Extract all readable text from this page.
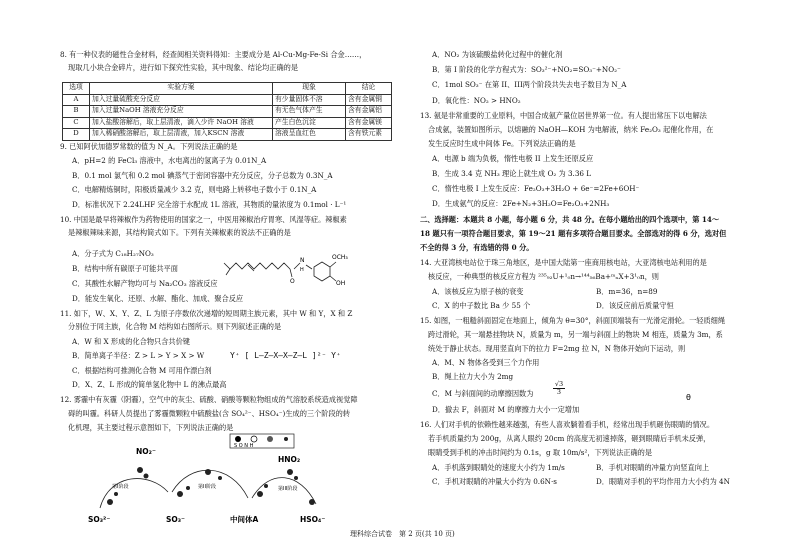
8. 有一种仪表的磁性合金材料，经查阅相关资料得知：主要成分是 Al-Cu-Mg-Fe-Si 合金……，
现取几小块合金碎片，进行如下探究性实验，其中现象、结论均正确的是
选项	实验方案	现象	结论
A	加入过量硫酸充分反应	有少量固体不溶	含有金属铜
B	加入过量NaOH 溶液充分反应	有无色气体产生	含有金属铝
C	加入盐酸溶解后，取上层清液，滴入少许 NaOH 溶液	产生白色沉淀	含有金属镁
D	加入稀硝酸溶解后，取上层清液，加入KSCN 溶液	溶液呈血红色	含有铁元素
9. 已知阿伏加德罗常数的值为 N_A。下列说法正确的是
A．pH=2 的 FeCl₃ 溶液中，水电离出的氢离子为 0.01N_A
B．0.1 mol 氯气和 0.2 mol 碘蒸气于密闭容器中充分反应，分子总数为 0.3N_A
C．电解精炼铜时，阳极质量减少 3.2 克，则电路上转移电子数小于 0.1N_A
D．标准状况下 2.24LHF 完全溶于水配成 1L 溶液，其物质的量浓度为 0.1mol · L⁻¹
10. 中国是最早将辣椒作为药物使用的国家之一，中医用辣椒治疗胃寒、风湿等症。辣椒素
是辣椒辣味来源，其结构简式如下。下列有关辣椒素的说法不正确的是
A．分子式为 C₁₈H₂₇NO₃
B．结构中所有碳原子可能共平面
C．其酸性水解产物均可与 Na₂CO₃ 溶液反应
D．能发生氧化、还原、水解、酯化、加成、聚合反应
O
N
H
OCH₃
OH
11. 如下，W、X、Y、Z、L 为原子序数依次递增的短周期主族元素，其中 W 和 Y，X 和 Z
分别位于同主族，化合物 M 结构如右图所示。则下列叙述正确的是
A．W 和 X 形成的化合物只含共价键
B．简单离子半径：Z > L > Y > X > W
C．根据结构可推测化合物 M 可用作漂白剂
D．X、Z、L 形成的简单氢化物中 L 的沸点最高
Y⁺ [ L—Z—X—X—Z—L ]²⁻ Y⁺
12. 雾霾中有灰霾（阴霾），空气中的灰尘、硫酸、硝酸等颗粒物组成的气溶胶系统造成视觉障
碍的叫霾。科研人员提出了雾霾微颗粒中硫酸盐(含 SO₄²⁻、HSO₄⁻)生成的三个阶段的转
化机理，其主要过程示意图如下，下列说法正确的是
S O N H
NO₂⁻
HNO₂
SO₃²⁻	SO₃⁻	中间体A	HSO₄⁻
第I阶段	第II阶段	第III阶段
A．NO₂ 为该硫酸盐转化过程中的催化剂
B．第 I 阶段的化学方程式为：SO₃²⁻+NO₂=SO₃⁻+NO₂⁻
C．1mol SO₃⁻ 在第 II、III两个阶段共失去电子数目为 N_A
D．氧化性：NO₂ > HNO₂
13. 氨是非常重要的工业原料，中国合成氨产量位居世界第一位。有人提出常压下以电解法
合成氨，装置如图所示，以熔融的 NaOH—KOH 为电解液，纳米 Fe₂O₃ 起催化作用，在
发生反应时生成中间体 Fe。下列说法正确的是
A．电源 b 端为负极，惰性电极 II 上发生还原反应
B．生成 3.4 克 NH₃ 理论上就生成 O₂ 为 3.36 L
C．惰性电极 I 上发生反应：Fe₂O₃+3H₂O + 6e⁻=2Fe+6OH⁻
D．生成氨气的反应：2Fe+N₂+3H₂O=Fe₂O₃+2NH₃
二、选择题：本题共 8 小题，每小题 6 分，共 48 分。在每小题给出的四个选项中，第 14～
18 题只有一项符合题目要求，第 19～21 题有多项符合题目要求。全部选对的得 6 分，选对但
不全的得 3 分，有选错的得 0 分。
14. 大亚湾核电站位于珠三角地区，是中国大陆第一座商用核电站，大亚湾核电站利用的是
核反应，一种典型的核反应方程为 ²³⁵₉₂U+¹₀n→¹⁴⁴₅₆Ba+ᵐₙX+3¹₀n，则
A．该核反应为原子核的衰变	B．m=36，n=89
C．X 的中子数比 Ba 少 55 个	D．该反应前后质量守恒
15. 如图，一粗糙斜面固定在地面上，倾角为 θ=30°，斜面顶端装有一光滑定滑轮。一轻质细绳
跨过滑轮，其一端悬挂物块 N，质量为 m，另一端与斜面上的物块 M 相连，质量为 3m，系
统处于静止状态。现用竖直向下的拉力 F=2mg 拉 N，N 物体开始向下运动，则
A．M、N 物体各受到三个力作用
B．绳上拉力大小为 2mg
C．M 与斜面间的动摩擦因数为	$\frac{√3}{3}$
D．撤去 F，斜面对 M 的摩擦力大小一定增加
θ
16. 人们对手机的依赖性越来越强，有些人喜欢躺着看手机，经常出现手机砸伤眼睛的情况。
若手机质量约为 200g，从离人眼约 20cm 的高度无初速掉落，砸到眼睛后手机未反弹，
眼睛受到手机的冲击时间约为 0.1s，g 取 10m/s²，下列说法正确的是
A．手机落到眼睛处的速度大小约为 1m/s	B．手机对眼睛的冲量方向竖直向上
C．手机对眼睛的冲量大小约为 0.6N·s	D．眼睛对手机的平均作用力大小约为 4N
理科综合试卷　第 2 页(共 10 页)
